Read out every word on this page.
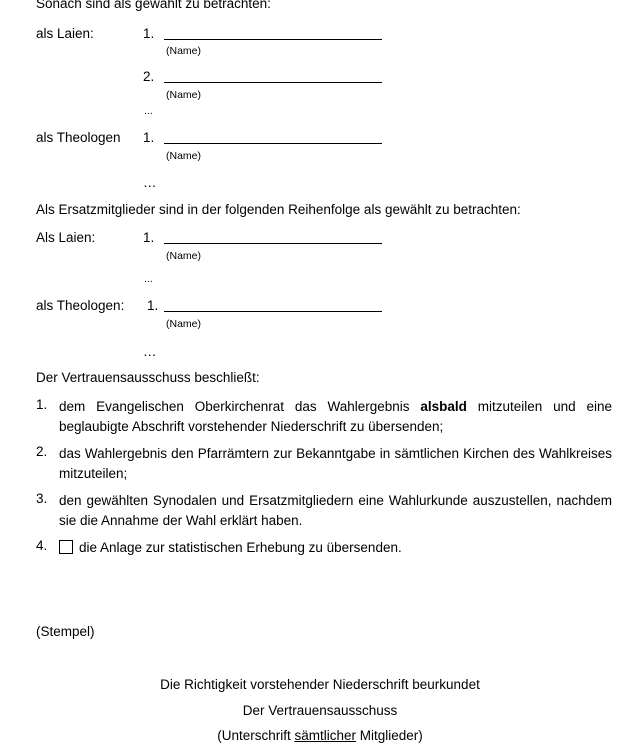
Sonach sind als gewählt zu betrachten:
als Laien:	1.
(Name)
2.
(Name)
...
als Theologen 1.
(Name)
…
Als Ersatzmitglieder sind in der folgenden Reihenfolge als gewählt zu betrachten:
Als Laien:	1.
(Name)
...
als Theologen: 1.
(Name)
…
Der Vertrauensausschuss beschließt:
1. dem Evangelischen Oberkirchenrat das Wahlergebnis alsbald mitzuteilen und eine beglaubigte Abschrift vorstehender Niederschrift zu übersenden;
2. das Wahlergebnis den Pfarrämtern zur Bekanntgabe in sämtlichen Kirchen des Wahlkreises mitzuteilen;
3. den gewählten Synodalen und Ersatzmitgliedern eine Wahlurkunde auszustellen, nachdem sie die Annahme der Wahl erklärt haben.
4.	die Anlage zur statistischen Erhebung zu übersenden.
(Stempel)
Die Richtigkeit vorstehender Niederschrift beurkundet
Der Vertrauensausschuss
(Unterschrift sämtlicher Mitglieder)
